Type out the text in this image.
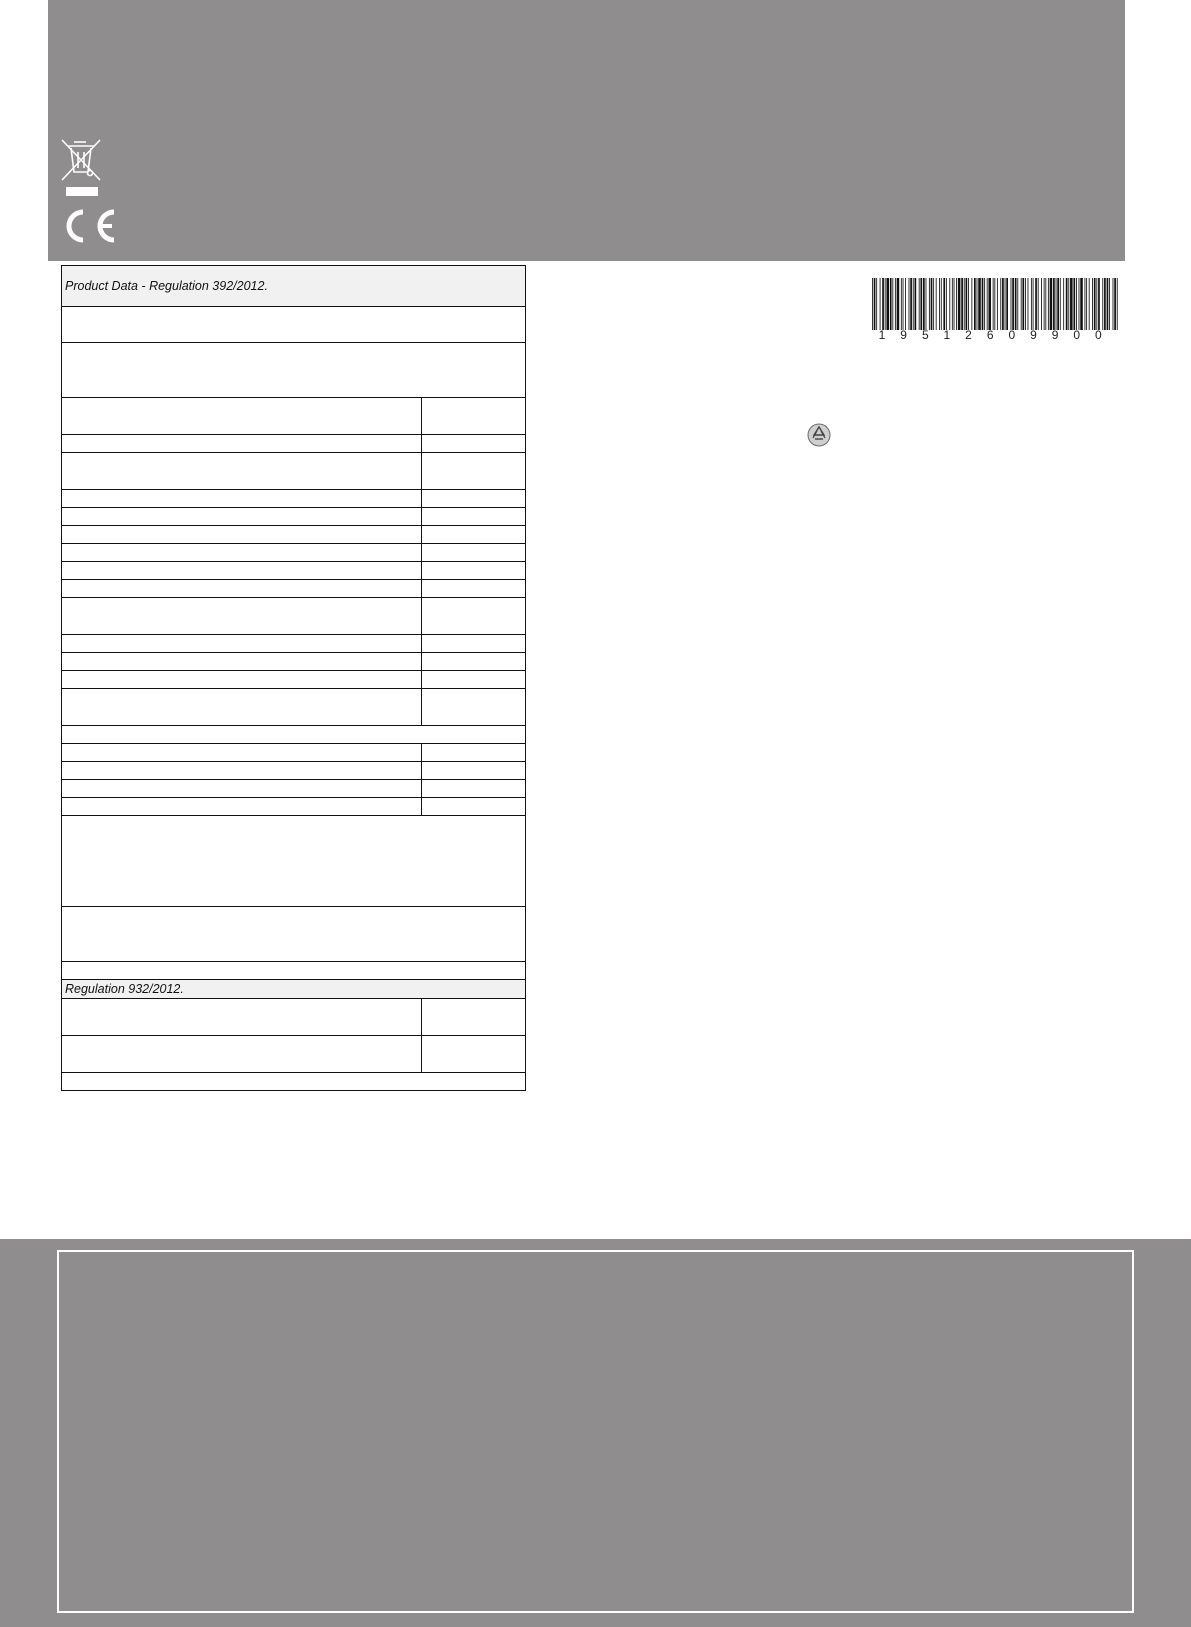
Product Data - Regulation 392/2012.	

Regulation 932/2012.	

1 9 5 1 2 6 0 9 9 0 0
